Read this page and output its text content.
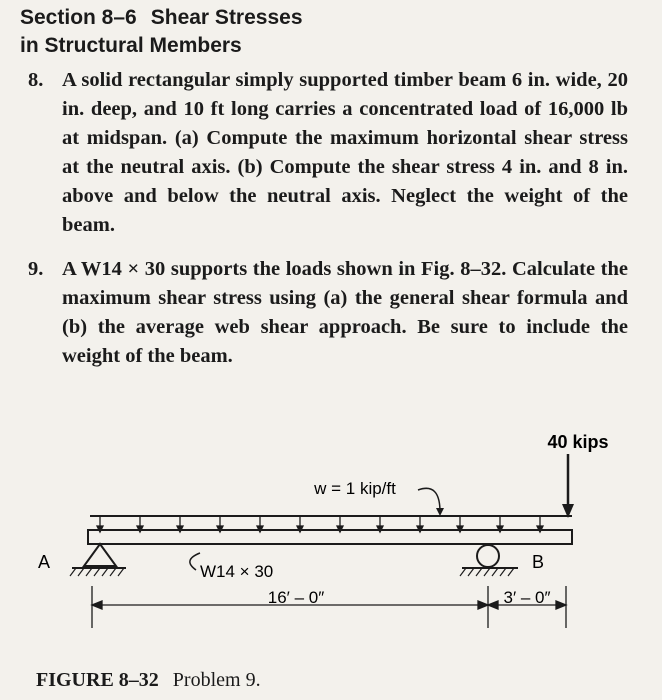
Section 8–6 Shear Stresses
in Structural Members

8. A solid rectangular simply supported timber beam 6 in. wide, 20 in. deep, and 10 ft long carries a concentrated load of 16,000 lb at midspan. (a) Compute the maximum horizontal shear stress at the neutral axis. (b) Compute the shear stress 4 in. and 8 in. above and below the neutral axis. Neglect the weight of the beam.

9. A W14 × 30 supports the loads shown in Fig. 8–32. Calculate the maximum shear stress using (a) the general shear formula and (b) the average web shear approach. Be sure to include the weight of the beam.

40 kips
w = 1 kip/ft
A	W14 × 30	B
16′ – 0″	3′ – 0″

FIGURE 8–32 Problem 9.
